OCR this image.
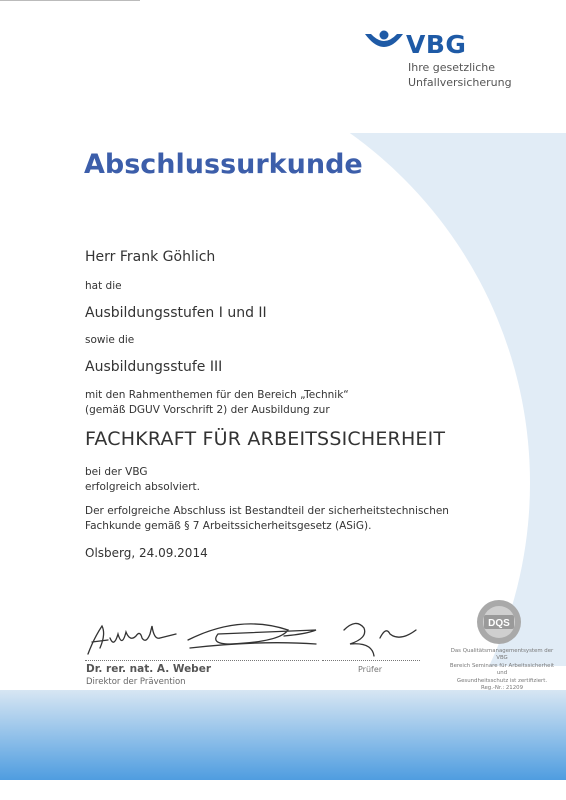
VBG
Ihre gesetzliche
Unfallversicherung
Abschlussurkunde
Herr Frank Göhlich
hat die
Ausbildungsstufen I und II
sowie die
Ausbildungsstufe III
mit den Rahmenthemen für den Bereich „Technik“
(gemäß DGUV Vorschrift 2) der Ausbildung zur
FACHKRAFT FÜR ARBEITSSICHERHEIT
bei der VBG
erfolgreich absolviert.
Der erfolgreiche Abschluss ist Bestandteil der sicherheitstechnischen
Fachkunde gemäß § 7 Arbeitssicherheitsgesetz (ASiG).
Olsberg, 24.09.2014
Dr. rer. nat. A. Weber
Direktor der Prävention
Prüfer
DQS
Das Qualitätsmanagementsystem der VBG
Bereich Seminare für Arbeitssicherheit und
Gesundheitsschutz ist zertifiziert.
Reg.-Nr.: 21209
